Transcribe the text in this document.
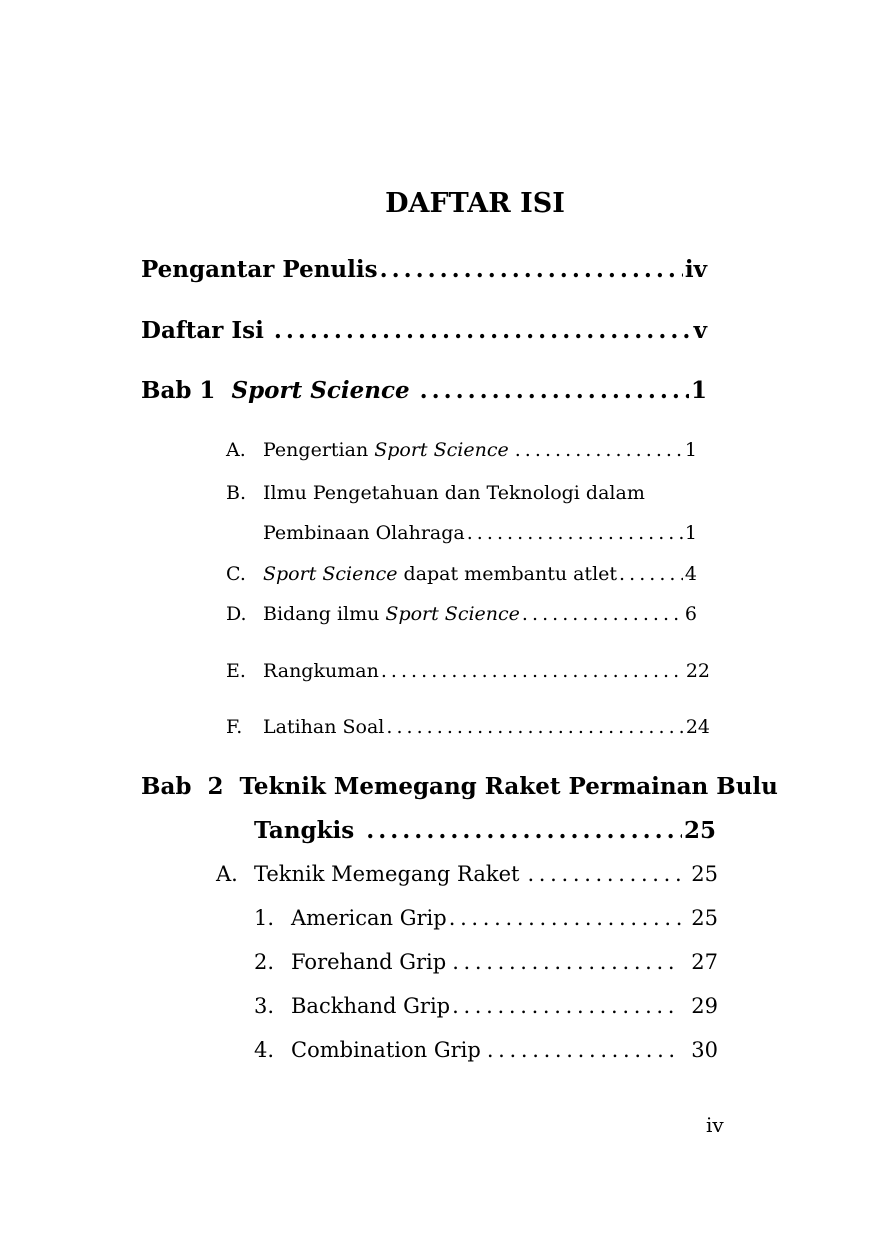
DAFTAR ISI
Pengantar Penulis . . .	iv
Daftar Isi . . .	v
Bab 1 Sport Science . . .	1
A. Pengertian Sport Science . . .	1
B. Ilmu Pengetahuan dan Teknologi dalam
Pembinaan Olahraga . . .	1
C. Sport Science dapat membantu atlet . . .	4
D. Bidang ilmu Sport Science . . .	6
E. Rangkuman . . .	22
F. Latihan Soal . . .	24
Bab  2  Teknik Memegang Raket Permainan Bulu
Tangkis . . .	25
A. Teknik Memegang Raket . . .	25
1. American Grip . . .	25
2. Forehand Grip . . .	27
3. Backhand Grip . . .	29
4. Combination Grip . . .	30
iv
